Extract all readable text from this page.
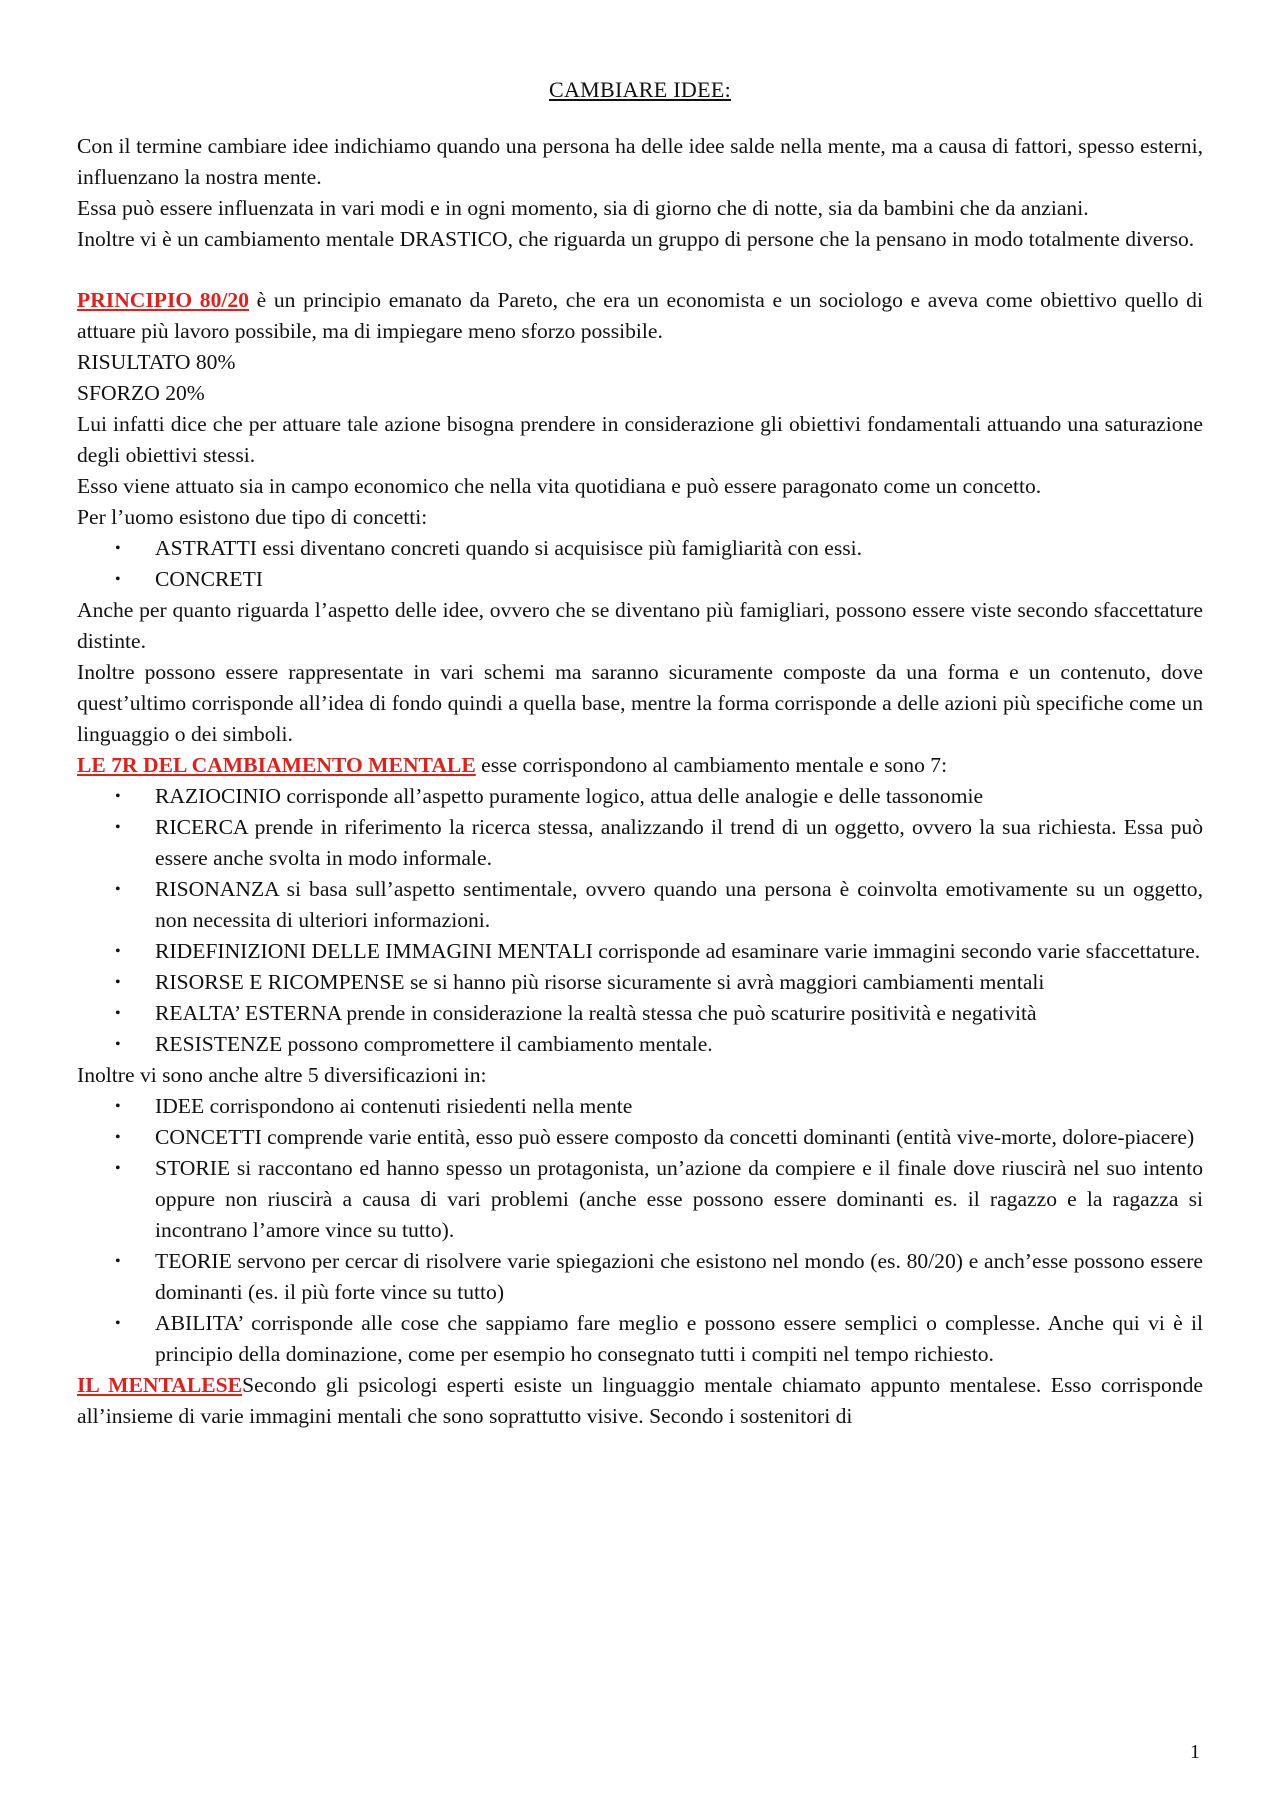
CAMBIARE IDEE:

Con il termine cambiare idee indichiamo quando una persona ha delle idee salde nella mente, ma a causa di fattori, spesso esterni, influenzano la nostra mente.

Essa può essere influenzata in vari modi e in ogni momento, sia di giorno che di notte, sia da bambini che da anziani.

Inoltre vi è un cambiamento mentale DRASTICO, che riguarda un gruppo di persone che la pensano in modo totalmente diverso.

PRINCIPIO 80/20 è un principio emanato da Pareto, che era un economista e un sociologo e aveva come obiettivo quello di attuare più lavoro possibile, ma di impiegare meno sforzo possibile.

RISULTATO 80%

SFORZO 20%

Lui infatti dice che per attuare tale azione bisogna prendere in considerazione gli obiettivi fondamentali attuando una saturazione degli obiettivi stessi.

Esso viene attuato sia in campo economico che nella vita quotidiana e può essere paragonato come un concetto.

Per l’uomo esistono due tipo di concetti:

• ASTRATTI essi diventano concreti quando si acquisisce più famigliarità con essi.
• CONCRETI

Anche per quanto riguarda l’aspetto delle idee, ovvero che se diventano più famigliari, possono essere viste secondo sfaccettature distinte.

Inoltre possono essere rappresentate in vari schemi ma saranno sicuramente composte da una forma e un contenuto, dove quest’ultimo corrisponde all’idea di fondo quindi a quella base, mentre la forma corrisponde a delle azioni più specifiche come un linguaggio o dei simboli.

LE 7R DEL CAMBIAMENTO MENTALE esse corrispondono al cambiamento mentale e sono 7:

• RAZIOCINIO corrisponde all’aspetto puramente logico, attua delle analogie e delle tassonomie
• RICERCA prende in riferimento la ricerca stessa, analizzando il trend di un oggetto, ovvero la sua richiesta. Essa può essere anche svolta in modo informale.
• RISONANZA si basa sull’aspetto sentimentale, ovvero quando una persona è coinvolta emotivamente su un oggetto, non necessita di ulteriori informazioni.
• RIDEFINIZIONI DELLE IMMAGINI MENTALI corrisponde ad esaminare varie immagini secondo varie sfaccettature.
• RISORSE E RICOMPENSE se si hanno più risorse sicuramente si avrà maggiori cambiamenti mentali
• REALTA’ ESTERNA prende in considerazione la realtà stessa che può scaturire positività e negatività
• RESISTENZE possono compromettere il cambiamento mentale.

Inoltre vi sono anche altre 5 diversificazioni in:

• IDEE corrispondono ai contenuti risiedenti nella mente
• CONCETTI comprende varie entità, esso può essere composto da concetti dominanti (entità vive-morte, dolore-piacere)
• STORIE si raccontano ed hanno spesso un protagonista, un’azione da compiere e il finale dove riuscirà nel suo intento oppure non riuscirà a causa di vari problemi (anche esse possono essere dominanti es. il ragazzo e la ragazza si incontrano l’amore vince su tutto).
• TEORIE servono per cercar di risolvere varie spiegazioni che esistono nel mondo (es. 80/20) e anch’esse possono essere dominanti (es. il più forte vince su tutto)
• ABILITA’ corrisponde alle cose che sappiamo fare meglio e possono essere semplici o complesse. Anche qui vi è il principio della dominazione, come per esempio ho consegnato tutti i compiti nel tempo richiesto.

IL MENTALESESecondo gli psicologi esperti esiste un linguaggio mentale chiamato appunto mentalese. Esso corrisponde all’insieme di varie immagini mentali che sono soprattutto visive. Secondo i sostenitori di

1
